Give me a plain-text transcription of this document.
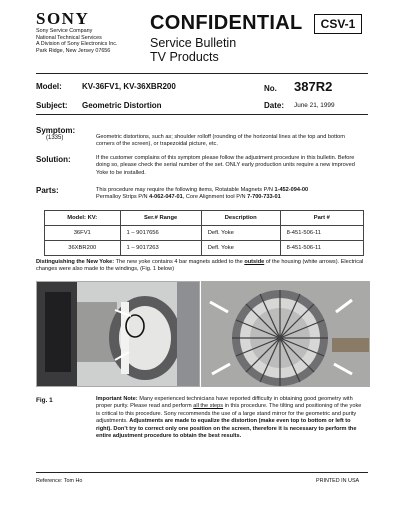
SONY
Sony Service Company
National Technical Services
A Division of Sony Electronics Inc.
Park Ridge, New Jersey 07656
CONFIDENTIAL
Service Bulletin
TV Products
CSV-1
Model:	KV-36FV1, KV-36XBR200	No. 387R2
Subject: Geometric Distortion	Date: June 21, 1999
Symptom:
(1335)	Geometric distortions, such as; shoulder rolloff (rounding of the horizontal lines at the top and bottom corners of the screen), or trapezoidal picture, etc.
Solution:	If the customer complains of this symptom please follow the adjustment procedure in this bulletin. Before doing so, please check the serial number of the set. ONLY early production units require a new improved Yoke to be installed.
Parts:	This procedure may require the following items, Rotatable Magnets P/N 1-452-094-00
Permalloy Strips P/N 4-062-047-01, Core Alignment tool P/N 7-700-733-01
Model: KV:	Ser.# Range	Description	Part #
36FV1	1 – 9017656	Defl. Yoke	8-451-506-11
36XBR200	1 – 9017263	Defl. Yoke	8-451-506-11
Distinguishing the New Yoke: The new yoke contains 4 bar magnets added to the outside of the housing (white arrows). Electrical changes were also made to the windings, (Fig. 1 below)
Fig. 1	Important Note: Many experienced technicians have reported difficulty in obtaining good geometry with proper purity. Please read and perform all the steps in this procedure. The tilting and positioning of the yoke is critical to this procedure. Sony recommends the use of a large stand mirror for the geometric and purity adjustments. Adjustments are made to equalize the distortion (make even top to bottom or left to right). Don’t try to correct only one position on the screen, therefore it is necessary to perform the entire adjustment procedure to obtain the best results.
Reference: Tom Ho	PRINTED IN USA
